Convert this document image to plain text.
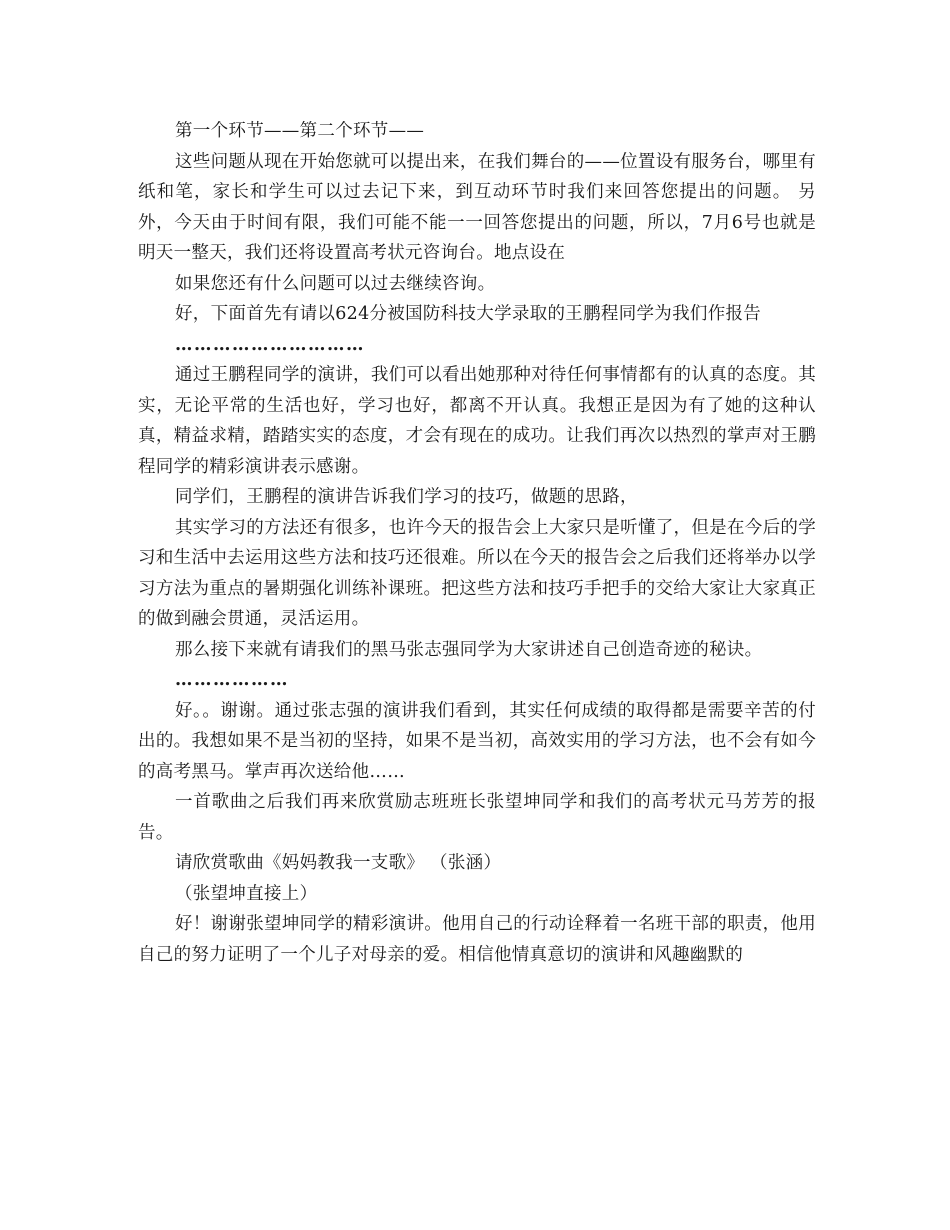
第一个环节——第二个环节——

这些问题从现在开始您就可以提出来，在我们舞台的——位置设有服务台，哪里有纸和笔，家长和学生可以过去记下来，到互动环节时我们来回答您提出的问题。 另外，今天由于时间有限，我们可能不能一一回答您提出的问题，所以，7月6号也就是明天一整天，我们还将设置高考状元咨询台。地点设在

如果您还有什么问题可以过去继续咨询。

好，下面首先有请以624分被国防科技大学录取的王鹏程同学为我们作报告

…………………………

通过王鹏程同学的演讲，我们可以看出她那种对待任何事情都有的认真的态度。其实，无论平常的生活也好，学习也好，都离不开认真。我想正是因为有了她的这种认真，精益求精，踏踏实实的态度，才会有现在的成功。让我们再次以热烈的掌声对王鹏程同学的精彩演讲表示感谢。

同学们，王鹏程的演讲告诉我们学习的技巧，做题的思路，

其实学习的方法还有很多，也许今天的报告会上大家只是听懂了，但是在今后的学习和生活中去运用这些方法和技巧还很难。所以在今天的报告会之后我们还将举办以学习方法为重点的暑期强化训练补课班。把这些方法和技巧手把手的交给大家让大家真正的做到融会贯通，灵活运用。

那么接下来就有请我们的黑马张志强同学为大家讲述自己创造奇迹的秘诀。

………………

好。。谢谢。通过张志强的演讲我们看到，其实任何成绩的取得都是需要辛苦的付出的。我想如果不是当初的坚持，如果不是当初，高效实用的学习方法，也不会有如今的高考黑马。掌声再次送给他……

一首歌曲之后我们再来欣赏励志班班长张望坤同学和我们的高考状元马芳芳的报告。

请欣赏歌曲《妈妈教我一支歌》 （张涵）

（张望坤直接上）

好！谢谢张望坤同学的精彩演讲。他用自己的行动诠释着一名班干部的职责，他用自己的努力证明了一个儿子对母亲的爱。相信他情真意切的演讲和风趣幽默的
